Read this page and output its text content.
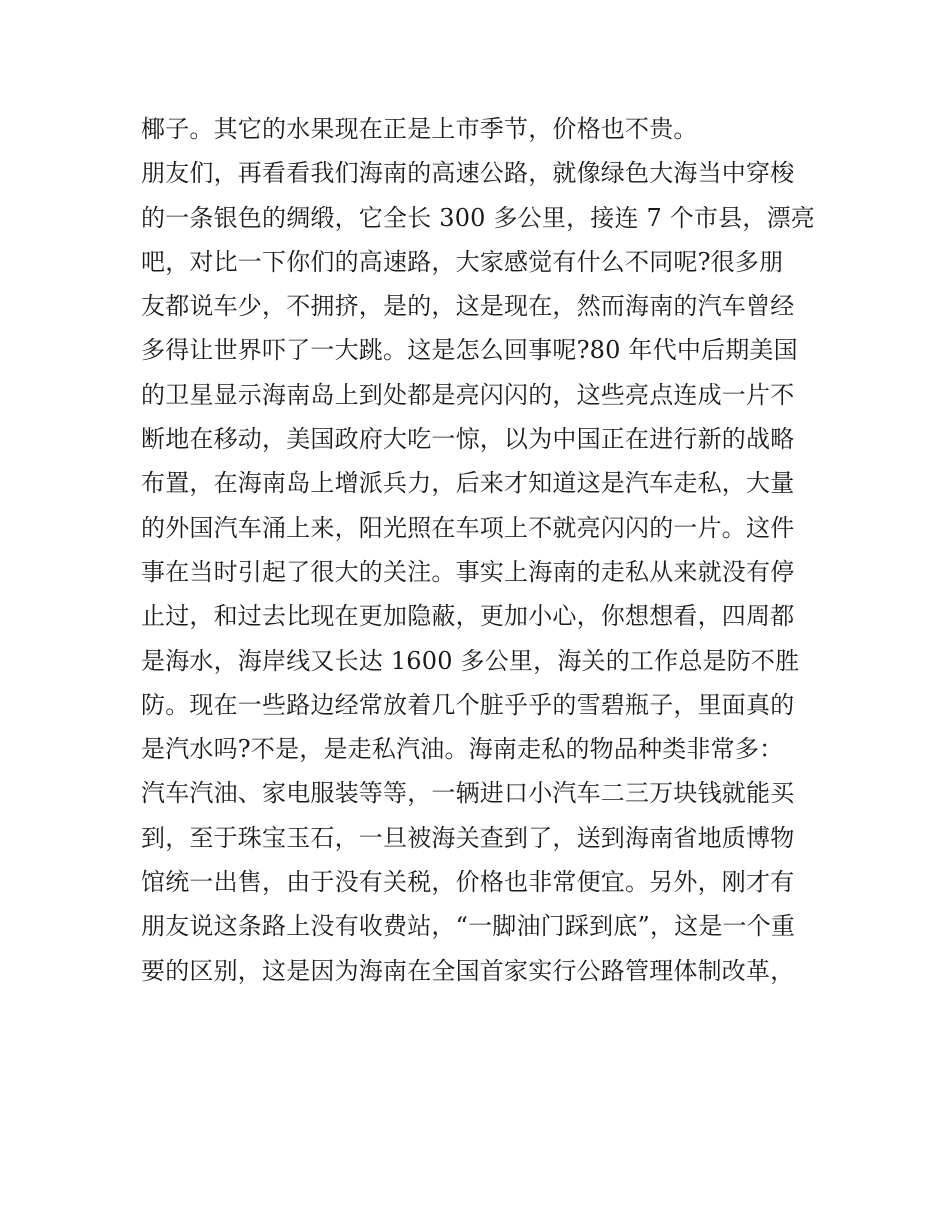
椰子。其它的水果现在正是上市季节，价格也不贵。
朋友们，再看看我们海南的高速公路，就像绿色大海当中穿梭
的一条银色的绸缎，它全长 300 多公里，接连 7 个市县，漂亮
吧，对比一下你们的高速路，大家感觉有什么不同呢?很多朋
友都说车少，不拥挤，是的，这是现在，然而海南的汽车曾经
多得让世界吓了一大跳。这是怎么回事呢?80 年代中后期美国
的卫星显示海南岛上到处都是亮闪闪的，这些亮点连成一片不
断地在移动，美国政府大吃一惊，以为中国正在进行新的战略
布置，在海南岛上增派兵力，后来才知道这是汽车走私，大量
的外国汽车涌上来，阳光照在车项上不就亮闪闪的一片。这件
事在当时引起了很大的关注。事实上海南的走私从来就没有停
止过，和过去比现在更加隐蔽，更加小心，你想想看，四周都
是海水，海岸线又长达 1600 多公里，海关的工作总是防不胜
防。现在一些路边经常放着几个脏乎乎的雪碧瓶子，里面真的
是汽水吗?不是，是走私汽油。海南走私的物品种类非常多：
汽车汽油、家电服装等等，一辆进口小汽车二三万块钱就能买
到，至于珠宝玉石，一旦被海关查到了，送到海南省地质博物
馆统一出售，由于没有关税，价格也非常便宜。另外，刚才有
朋友说这条路上没有收费站，“一脚油门踩到底”，这是一个重
要的区别，这是因为海南在全国首家实行公路管理体制改革，
